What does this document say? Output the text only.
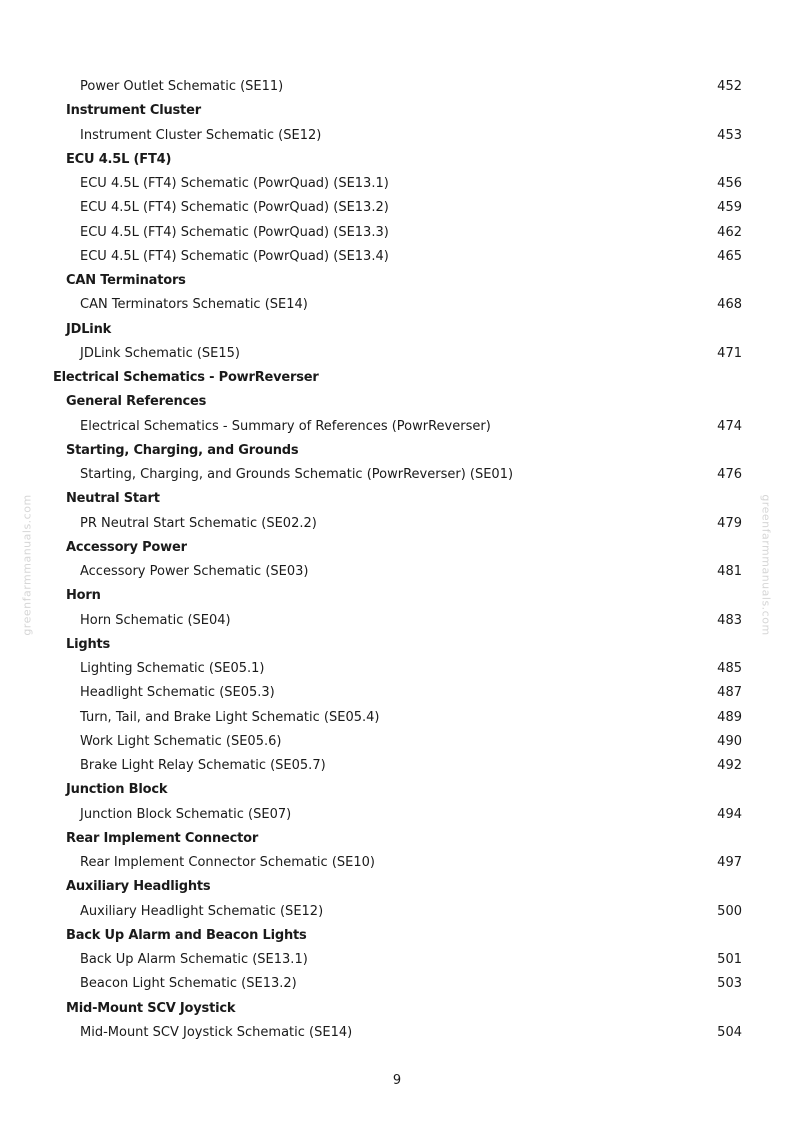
Power Outlet Schematic (SE11)	452
Instrument Cluster
Instrument Cluster Schematic (SE12)	453
ECU 4.5L (FT4)
ECU 4.5L (FT4) Schematic (PowrQuad) (SE13.1)	456
ECU 4.5L (FT4) Schematic (PowrQuad) (SE13.2)	459
ECU 4.5L (FT4) Schematic (PowrQuad) (SE13.3)	462
ECU 4.5L (FT4) Schematic (PowrQuad) (SE13.4)	465
CAN Terminators
CAN Terminators Schematic (SE14)	468
JDLink
JDLink Schematic (SE15)	471
Electrical Schematics - PowrReverser
General References
Electrical Schematics - Summary of References (PowrReverser)	474
Starting, Charging, and Grounds
Starting, Charging, and Grounds Schematic (PowrReverser) (SE01)	476
Neutral Start
PR Neutral Start Schematic (SE02.2)	479
Accessory Power
Accessory Power Schematic (SE03)	481
Horn
Horn Schematic (SE04)	483
Lights
Lighting Schematic (SE05.1)	485
Headlight Schematic (SE05.3)	487
Turn, Tail, and Brake Light Schematic (SE05.4)	489
Work Light Schematic (SE05.6)	490
Brake Light Relay Schematic (SE05.7)	492
Junction Block
Junction Block Schematic (SE07)	494
Rear Implement Connector
Rear Implement Connector Schematic (SE10)	497
Auxiliary Headlights
Auxiliary Headlight Schematic (SE12)	500
Back Up Alarm and Beacon Lights
Back Up Alarm Schematic (SE13.1)	501
Beacon Light Schematic (SE13.2)	503
Mid-Mount SCV Joystick
Mid-Mount SCV Joystick Schematic (SE14)	504
greenfarmmanuals.com	greenfarmmanuals.com
9
